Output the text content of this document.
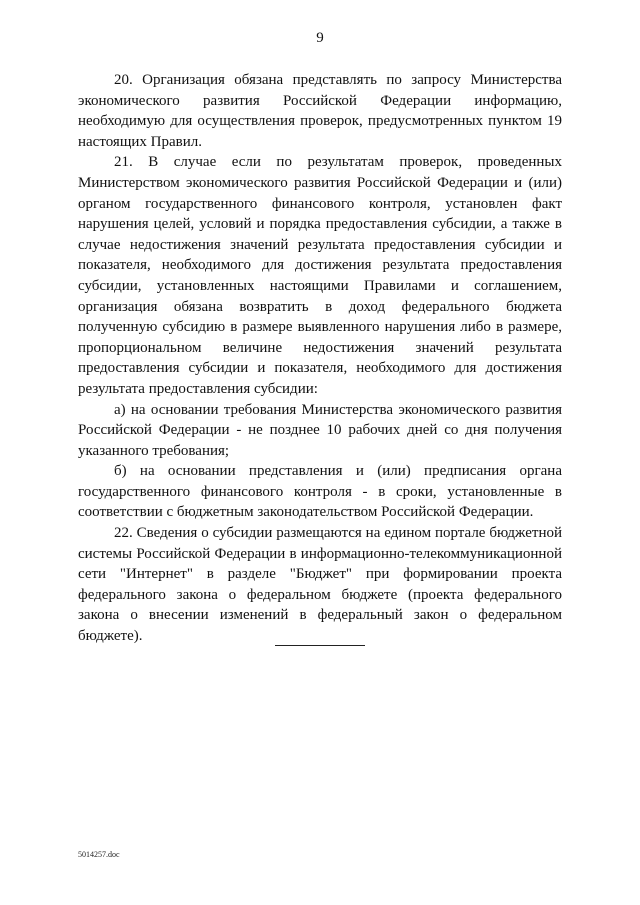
9

20. Организация обязана представлять по запросу Министерства экономического развития Российской Федерации информацию, необходимую для осуществления проверок, предусмотренных пунктом 19 настоящих Правил.

21. В случае если по результатам проверок, проведенных Министерством экономического развития Российской Федерации и (или) органом государственного финансового контроля, установлен факт нарушения целей, условий и порядка предоставления субсидии, а также в случае недостижения значений результата предоставления субсидии и показателя, необходимого для достижения результата предоставления субсидии, установленных настоящими Правилами и соглашением, организация обязана возвратить в доход федерального бюджета полученную субсидию в размере выявленного нарушения либо в размере, пропорциональном величине недостижения значений результата предоставления субсидии и показателя, необходимого для достижения результата предоставления субсидии:

а) на основании требования Министерства экономического развития Российской Федерации - не позднее 10 рабочих дней со дня получения указанного требования;

б) на основании представления и (или) предписания органа государственного финансового контроля - в сроки, установленные в соответствии с бюджетным законодательством Российской Федерации.

22. Сведения о субсидии размещаются на едином портале бюджетной системы Российской Федерации в информационно-телекоммуникационной сети "Интернет" в разделе "Бюджет" при формировании проекта федерального закона о федеральном бюджете (проекта федерального закона о внесении изменений в федеральный закон о федеральном бюджете).

5014257.doc
